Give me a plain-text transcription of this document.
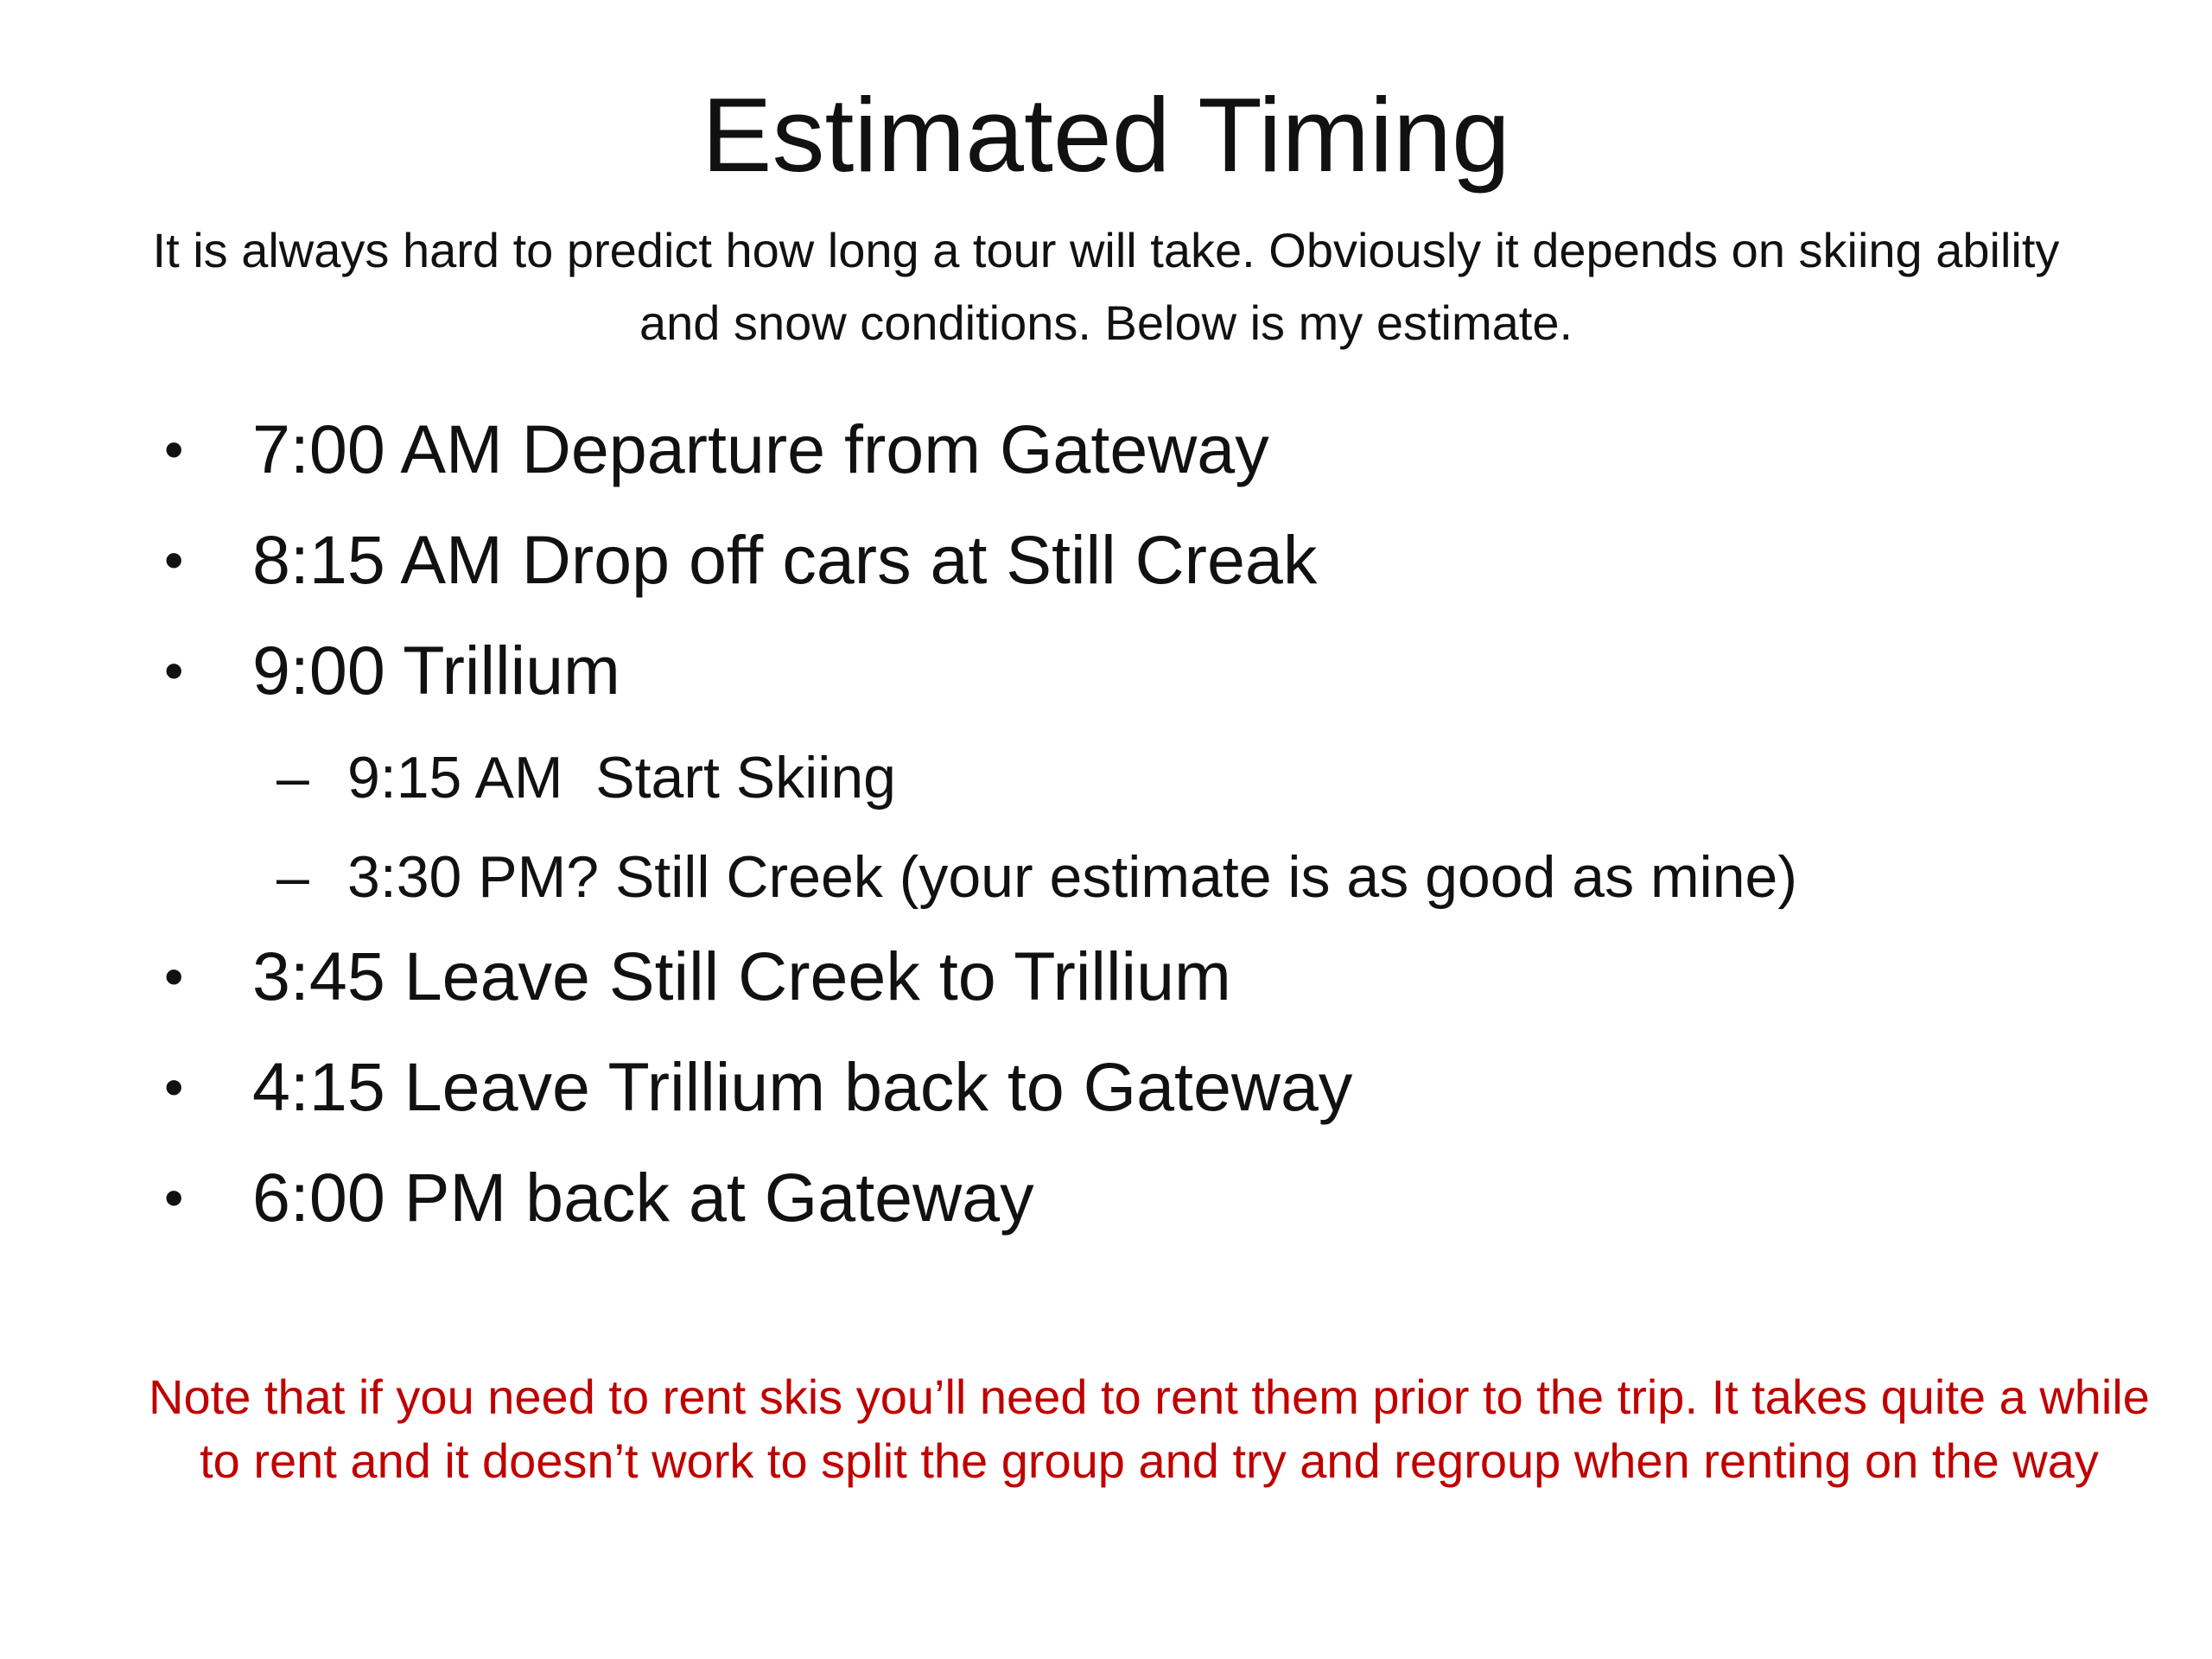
Estimated Timing
It is always hard to predict how long a tour will take. Obviously it depends on skiing ability and snow conditions. Below is my estimate.
•	7:00 AM Departure from Gateway
•	8:15 AM Drop off cars at Still Creak
•	9:00 Trillium
– 9:15 AM  Start Skiing
– 3:30 PM? Still Creek (your estimate is as good as mine)
•	3:45 Leave Still Creek to Trillium
•	4:15 Leave Trillium back to Gateway
•	6:00 PM back at Gateway
Note that if you need to rent skis you’ll need to rent them prior to the trip. It takes quite a while to rent and it doesn’t work to split the group and try and regroup when renting on the way
